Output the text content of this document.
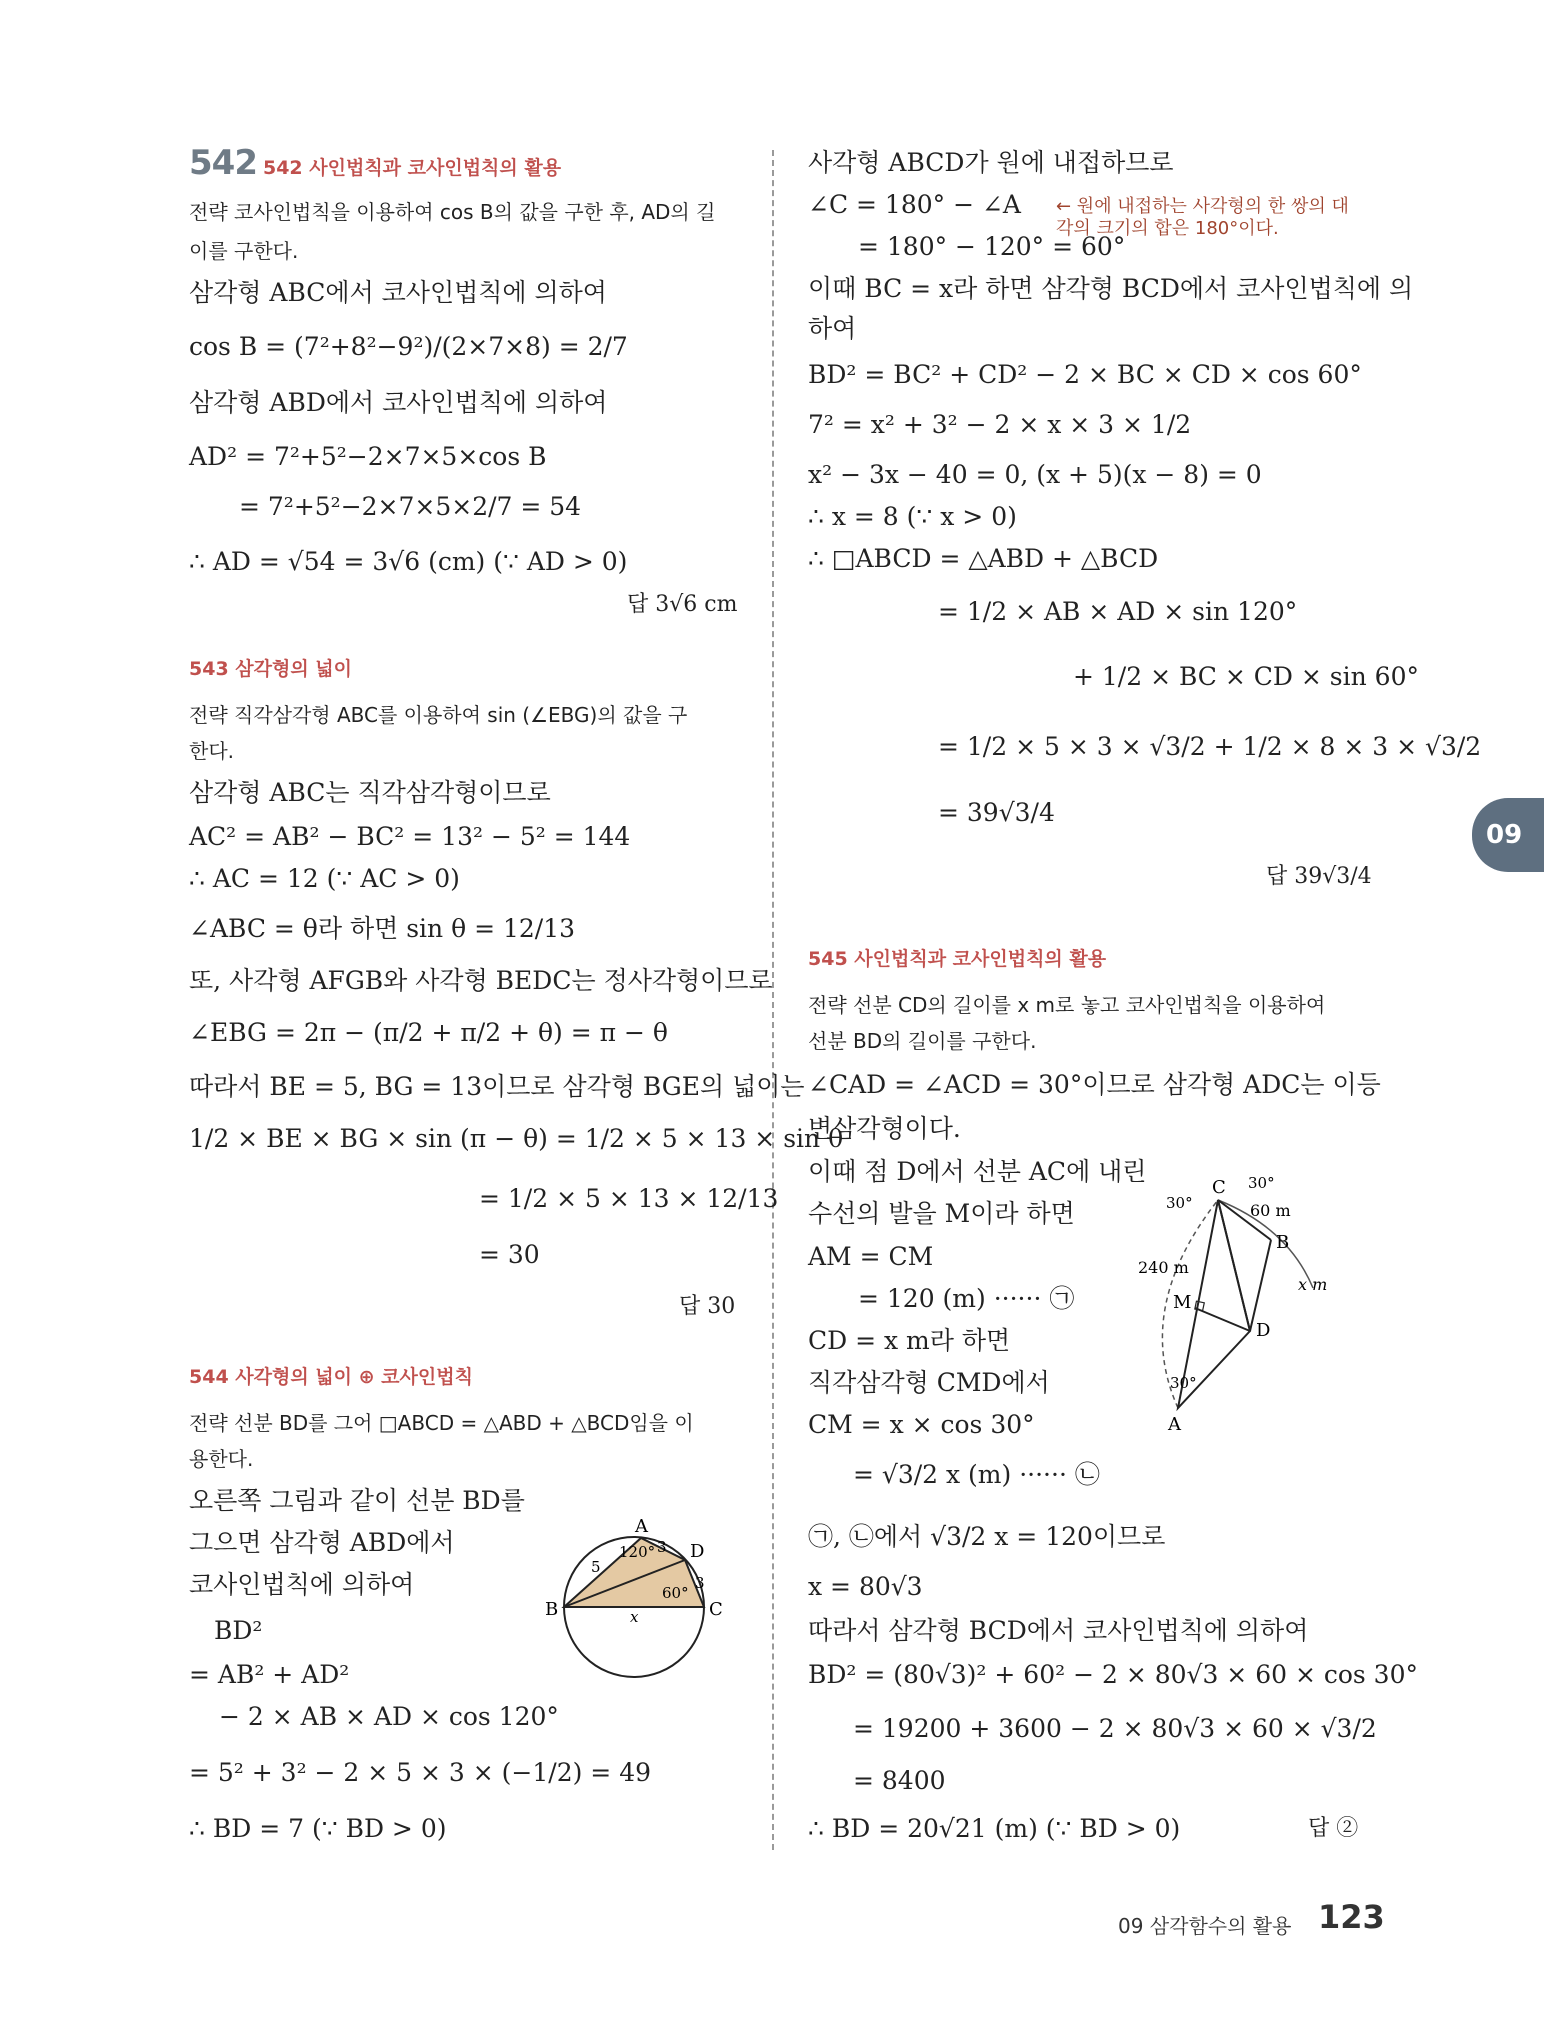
542 542 사인법칙과 코사인법칙의 활용
전략 코사인법칙을 이용하여 cos B의 값을 구한 후, AD의 길
이를 구한다.
삼각형 ABC에서 코사인법칙에 의하여
cos B = (7²+8²−9²)/(2×7×8) = 2/7
삼각형 ABD에서 코사인법칙에 의하여
AD² = 7²+5²−2×7×5×cos B
= 7²+5²−2×7×5×2/7 = 54
∴ AD = √54 = 3√6 (cm) (∵ AD > 0)
답 3√6 cm
543 삼각형의 넓이
전략 직각삼각형 ABC를 이용하여 sin (∠EBG)의 값을 구
한다.
삼각형 ABC는 직각삼각형이므로
AC² = AB² − BC² = 13² − 5² = 144
∴ AC = 12 (∵ AC > 0)
∠ABC = θ라 하면 sin θ = 12/13
또, 사각형 AFGB와 사각형 BEDC는 정사각형이므로
∠EBG = 2π − (π/2 + π/2 + θ) = π − θ
따라서 BE = 5, BG = 13이므로 삼각형 BGE의 넓이는
1/2 × BE × BG × sin (π − θ) = 1/2 × 5 × 13 × sin θ
= 1/2 × 5 × 13 × 12/13
= 30
답 30
544 사각형의 넓이 ⊕ 코사인법칙
전략 선분 BD를 그어 □ABCD = △ABD + △BCD임을 이
용한다.
오른쪽 그림과 같이 선분 BD를
그으면 삼각형 ABD에서
코사인법칙에 의하여
BD²
= AB² + AD²
− 2 × AB × AD × cos 120°
= 5² + 3² − 2 × 5 × 3 × (−1/2) = 49
∴ BD = 7 (∵ BD > 0)
A
D
B	C
5
3
3
120°
60°
x
사각형 ABCD가 원에 내접하므로
∠C = 180° − ∠A
= 180° − 120° = 60°
← 원에 내접하는 사각형의 한 쌍의 대각의 크기의 합은 180°이다.
이때 BC = x라 하면 삼각형 BCD에서 코사인법칙에 의
하여
BD² = BC² + CD² − 2 × BC × CD × cos 60°
7² = x² + 3² − 2 × x × 3 × 1/2
x² − 3x − 40 = 0, (x + 5)(x − 8) = 0
∴ x = 8 (∵ x > 0)
∴ □ABCD = △ABD + △BCD
= 1/2 × AB × AD × sin 120°
+ 1/2 × BC × CD × sin 60°
= 1/2 × 5 × 3 × √3/2 + 1/2 × 8 × 3 × √3/2
= 39√3/4
답 39√3/4
545 사인법칙과 코사인법칙의 활용
전략 선분 CD의 길이를 x m로 놓고 코사인법칙을 이용하여
선분 BD의 길이를 구한다.
∠CAD = ∠ACD = 30°이므로 삼각형 ADC는 이등
변삼각형이다.
이때 점 D에서 선분 AC에 내린
수선의 발을 M이라 하면
AM = CM
= 120 (m) ······ ㉠
CD = x m라 하면
직각삼각형 CMD에서
CM = x × cos 30°
= √3/2 x (m) ······ ㉡
㉠, ㉡에서 √3/2 x = 120이므로
x = 80√3
따라서 삼각형 BCD에서 코사인법칙에 의하여
BD² = (80√3)² + 60² − 2 × 80√3 × 60 × cos 30°
= 19200 + 3600 − 2 × 80√3 × 60 × √3/2
= 8400
∴ BD = 20√21 (m) (∵ BD > 0)	답 ②
C
B
D
M
A
30°
30°
30°
60 m
240 m
x m
09
09 삼각함수의 활용 123
